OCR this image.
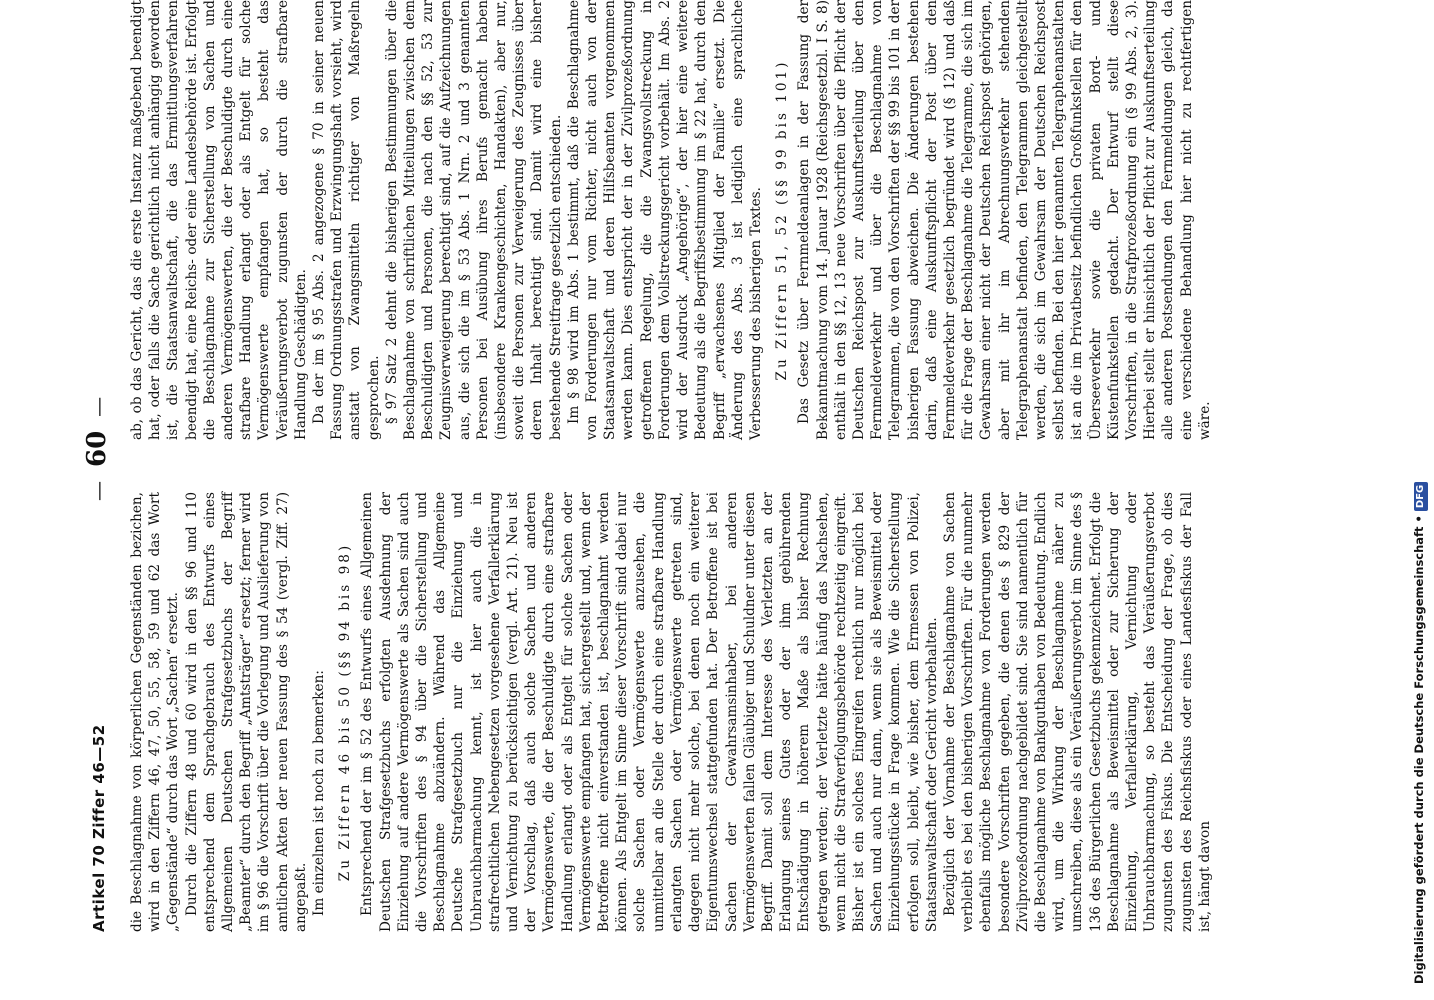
Artikel 70 Ziffer 46—52
—60—

die Beschlagnahme von körperlichen Gegenständen bezichen, wird in den Ziffern 46, 47, 50, 55, 58, 59 und 62 das Wort „Gegenstände“ durch das Wort „Sachen“ ersetzt. Durch die Ziffern 48 und 60 wird in den §§ 96 und 110 entsprechend dem Sprachgebrauch des Entwurfs eines Allgemeinen Deutschen Strafgesetzbuchs der Begriff „Beamter“ durch den Begriff „Amtsträger“ ersetzt; ferner wird im § 96 die Vorschrift über die Vorlegung und Auslieferung von amtlichen Akten der neuen Fassung des § 54 (vergl. Ziff. 27) angepaßt. Im einzelnen ist noch zu bemerken: Zu Ziffern 46 bis 50 (§§ 94 bis 98) Entsprechend der im § 52 des Entwurfs eines Allgemeinen Deutschen Strafgesetzbuchs erfolgten Ausdehnung der Einziehung auf andere Vermögenswerte als Sachen sind auch die Vorschriften des § 94 über die Sicherstellung und Beschlagnahme abzuändern. Während das Allgemeine Deutsche Strafgesetzbuch nur die Einziehung und Unbrauchbarmachung kennt, ist hier auch die in strafrechtlichen Nebengesetzen vorgesehene Verfallerklärung und Vernichtung zu berücksichtigen (vergl. Art. 21). Neu ist der Vorschlag, daß auch solche Sachen und anderen Vermögenswerte, die der Beschuldigte durch eine strafbare Handlung erlangt oder als Entgelt für solche Sachen oder Vermögenswerte empfangen hat, sichergestellt und, wenn der Betroffene nicht einverstanden ist, beschlagnahmt werden können. Als Entgelt im Sinne dieser Vorschrift sind dabei nur solche Sachen oder Vermögenswerte anzusehen, die unmittelbar an die Stelle der durch eine strafbare Handlung erlangten Sachen oder Vermögenswerte getreten sind, dagegen nicht mehr solche, bei denen noch ein weiterer Eigentumswechsel stattgefunden hat. Der Betroffene ist bei Sachen der Gewahrsamsinhaber, bei anderen Vermögenswerten fallen Gläubiger und Schuldner unter diesen Begriff. Damit soll dem Interesse des Verletzten an der Erlangung seines Gutes oder der ihm gebührenden Entschädigung in höherem Maße als bisher Rechnung getragen werden; der Verletzte hätte häufig das Nachsehen, wenn nicht die Strafverfolgungsbehörde rechtzeitig eingreift. Bisher ist ein solches Eingreifen rechtlich nur möglich bei Sachen und auch nur dann, wenn sie als Beweismittel oder Einziehungsstücke in Frage kommen. Wie die Sicherstellung erfolgen soll, bleibt, wie bisher, dem Ermessen von Polizei, Staatsanwaltschaft oder Gericht vorbehalten. Bezüglich der Vornahme der Beschlagnahme von Sachen verbleibt es bei den bisherigen Vorschriften. Für die nunmehr ebenfalls mögliche Beschlagnahme von Forderungen werden besondere Vorschriften gegeben, die denen des § 829 der Zivilprozeßordnung nachgebildet sind. Sie sind namentlich für die Beschlagnahme von Bankguthaben von Bedeutung. Endlich wird, um die Wirkung der Beschlagnahme näher zu umschreiben, diese als ein Veräußerungsverbot im Sinne des § 136 des Bürgerlichen Gesetzbuchs gekennzeichnet. Erfolgt die Beschlagnahme als Beweismittel oder zur Sicherung der Einziehung, Verfallerklärung, Vernichtung oder Unbrauchbarmachung, so besteht das Veräußerungsverbot zugunsten des Fiskus. Die Entscheidung der Frage, ob dies zugunsten des Reichsfiskus oder eines Landesfiskus der Fall ist, hängt davon

ab, ob das Gericht, das die erste Instanz maßgebend beendigt hat, oder falls die Sache gerichtlich nicht anhängig geworden ist, die Staatsanwaltschaft, die das Ermittlungsverfahren beendigt hat, eine Reichs- oder eine Landesbehörde ist. Erfolgt die Beschlagnahme zur Sicherstellung von Sachen und anderen Vermögenswerten, die der Beschuldigte durch eine strafbare Handlung erlangt oder als Entgelt für solche Vermögenswerte empfangen hat, so besteht das Veräußerungsverbot zugunsten der durch die strafbare Handlung Geschädigten. Da der im § 95 Abs. 2 angezogene § 70 in seiner neuen Fassung Ordnungsstrafen und Erzwingungshaft vorsieht, wird anstatt von Zwangsmitteln richtiger von Maßregeln gesprochen. § 97 Satz 2 dehnt die bisherigen Bestimmungen über die Beschlagnahme von schriftlichen Mitteilungen zwischen dem Beschuldigten und Personen, die nach den §§ 52, 53 zur Zeugnisverweigerung berechtigt sind, auf die Aufzeichnungen aus, die sich die im § 53 Abs. 1 Nrn. 2 und 3 genannten Personen bei Ausübung ihres Berufs gemacht haben (insbesondere Krankengeschichten, Handakten), aber nur, soweit die Personen zur Verweigerung des Zeugnisses über deren Inhalt berechtigt sind. Damit wird eine bisher bestehende Streitfrage gesetzlich entschieden. Im § 98 wird im Abs. 1 bestimmt, daß die Beschlagnahme von Forderungen nur vom Richter, nicht auch von der Staatsanwaltschaft und deren Hilfsbeamten vorgenommen werden kann. Dies entspricht der in der Zivilprozeßordnung getroffenen Regelung, die die Zwangsvollstreckung in Forderungen dem Vollstreckungsgericht vorbehält. Im Abs. 2 wird der Ausdruck „Angehörige“, der hier eine weitere Bedeutung als die Begriffsbestimmung im § 22 hat, durch den Begriff „erwachsenes Mitglied der Familie“ ersetzt. Die Änderung des Abs. 3 ist lediglich eine sprachliche Verbesserung des bisherigen Textes. Zu Ziffern 51, 52 (§§ 99 bis 101) Das Gesetz über Fernmeldeanlagen in der Fassung der Bekanntmachung vom 14. Januar 1928 (Reichsgesetzbl. I S. 8) enthält in den §§ 12, 13 neue Vorschriften über die Pflicht der Deutschen Reichspost zur Auskunftserteilung über den Fernmeldeverkehr und über die Beschlagnahme von Telegrammen, die von den Vorschriften der §§ 99 bis 101 in der bisherigen Fassung abweichen. Die Änderungen bestehen darin, daß eine Auskunftspflicht der Post über den Fernmeldeverkehr gesetzlich begründet wird (§ 12) und daß für die Frage der Beschlagnahme die Telegramme, die sich im Gewahrsam einer nicht der Deutschen Reichspost gehörigen, aber mit ihr im Abrechnungsverkehr stehenden Telegraphenanstalt befinden, den Telegrammen gleichgestellt werden, die sich im Gewahrsam der Deutschen Reichspost selbst befinden. Bei den hier genannten Telegraphenanstalten ist an die im Privatbesitz befindlichen Großfunkstellen für den Überseeverkehr sowie die privaten Bord- und Küstenfunkstellen gedacht. Der Entwurf stellt diese Vorschriften, in die Strafprozeßordnung ein (§ 99 Abs. 2, 3). Hierbei stellt er hinsichtlich der Pflicht zur Auskunftserteilung alle anderen Postsendungen den Fernmeldungen gleich, da eine verschiedene Behandlung hier nicht zu rechtfertigen wäre.

Digitalisierung gefördert durch die Deutsche Forschungsgemeinschaft •DFG
